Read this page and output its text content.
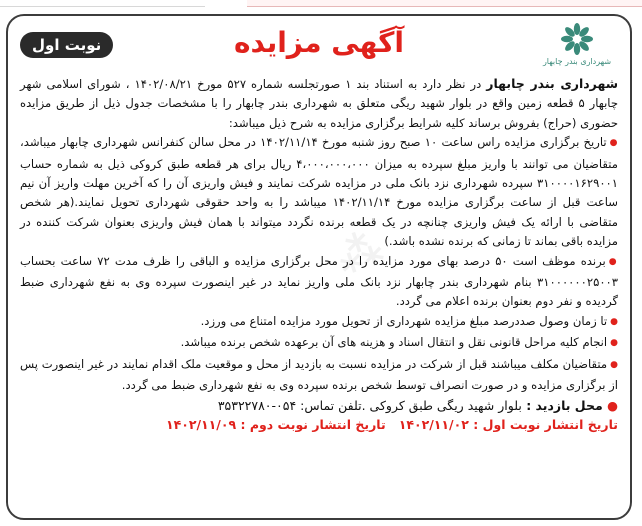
نوبت اول	آگهی مزایده
شهرداری بندر چابهار
⁂

شهرداری بندر چابهار در نظر دارد به استناد بند ۱ صورتجلسه شماره ۵۲۷ مورخ ۱۴۰۲/۰۸/۲۱ ، شورای اسلامی شهر چابهار ۵ قطعه زمین واقع در بلوار شهید ریگی متعلق به شهرداری بندر چابهار را با مشخصات جدول ذیل از طریق مزایده حضوری (حراج) بفروش برساند کلیه شرایط برگزاری مزایده به شرح ذیل میباشد:

● تاریخ برگزاری مزایده راس ساعت ۱۰ صبح روز شنبه مورخ ۱۴۰۲/۱۱/۱۴ در محل سالن کنفرانس شهرداری چابهار میباشد، متقاضیان می توانند با واریز مبلغ سپرده به میزان ۴،۰۰۰،۰۰۰،۰۰۰ ریال برای هر قطعه طبق کروکی ذیل به شماره حساب ۳۱۰۰۰۰۱۶۲۹۰۰۱ سپرده شهرداری نزد بانک ملی در مزایده شرکت نمایند و فیش واریزی آن را که آخرین مهلت واریز آن نیم ساعت قبل از ساعت برگزاری مزایده مورخ ۱۴۰۲/۱۱/۱۴ میباشد را به واحد حقوقی شهرداری تحویل نمایند.(هر شخص متقاضی با ارائه یک فیش واریزی چنانچه در یک قطعه برنده نگردد میتواند با همان فیش واریزی بعنوان شرکت کننده در مزایده باقی بماند تا زمانی که برنده نشده باشد.)

● برنده موظف است ۵۰ درصد بهای مورد مزایده را در محل برگزاری مزایده و الباقی را ظرف مدت ۷۲ ساعت بحساب ۳۱۰۰۰۰۰۰۲۵۰۰۳ بنام شهرداری بندر چابهار نزد بانک ملی واریز نماید در غیر اینصورت سپرده وی به نفع شهرداری ضبط گردیده و نفر دوم بعنوان برنده اعلام می گردد.

● تا زمان وصول صددرصد مبلغ مزایده شهرداری از تحویل مورد مزایده امتناع می ورزد.

● انجام کلیه مراحل قانونی نقل و انتقال اسناد و هزینه های آن برعهده شخص برنده میباشد.

● متقاضیان مکلف میباشند قبل از شرکت در مزایده نسبت به بازدید از محل و موقعیت ملک اقدام نمایند در غیر اینصورت پس از برگزاری مزایده و در صورت انصراف توسط شخص برنده سپرده وی به نفع شهرداری ضبط می گردد.

● محل بازدید : بلوار شهید ریگی طبق کروکی .تلفن تماس: ۰۵۴-۳۵۳۲۲۷۸۰
تاریخ انتشار نوبت اول : ۱۴۰۲/۱۱/۰۲   تاریخ انتشار نوبت دوم : ۱۴۰۲/۱۱/۰۹
